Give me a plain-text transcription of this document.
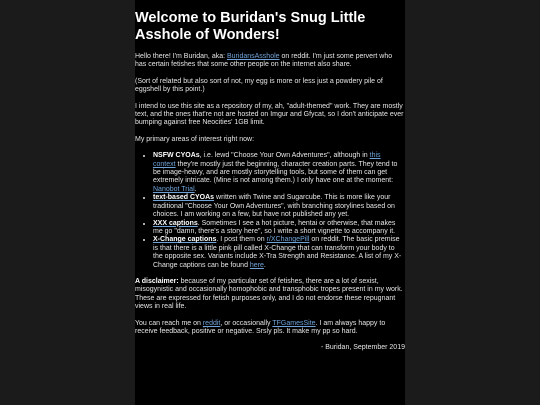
Welcome to Buridan's Snug Little Asshole of Wonders!

Hello there! I'm Buridan, aka: BuridansAsshole on reddit. I'm just some pervert who has certain fetishes that some other people on the internet also share.

(Sort of related but also sort of not, my egg is more or less just a powdery pile of eggshell by this point.)

I intend to use this site as a repository of my, ah, "adult-themed" work. They are mostly text, and the ones that're not are hosted on Imgur and Gfycat, so I don't anticipate ever bumping against free Neocities' 1GB limit.

My primary areas of interest right now:

• NSFW CYOAs, i.e. lewd "Choose Your Own Adventures", although in this context they're mostly just the beginning, character creation parts. They tend to be image-heavy, and are mostly storytelling tools, but some of them can get extremely intricate. (Mine is not among them.) I only have one at the moment: Nanobot Trial.
• text-based CYOAs written with Twine and Sugarcube. This is more like your traditional "Choose Your Own Adventures", with branching storylines based on choices. I am working on a few, but have not published any yet.
• XXX captions. Sometimes I see a hot picture, hentai or otherwise, that makes me go "damn, there's a story here", so I write a short vignette to accompany it.
• X-Change captions. I post them on r/XChangePill on reddit. The basic premise is that there is a little pink pill called X-Change that can transform your body to the opposite sex. Variants include X-Tra Strength and Resistance. A list of my X-Change captions can be found here.

A disclaimer: because of my particular set of fetishes, there are a lot of sexist, misogynistic and occasionally homophobic and transphobic tropes present in my work. These are expressed for fetish purposes only, and I do not endorse these repugnant views in real life.

You can reach me on reddit, or occasionally TFGamesSite. I am always happy to receive feedback, positive or negative. Srsly pls. It make my pp so hard.

- Buridan, September 2019
